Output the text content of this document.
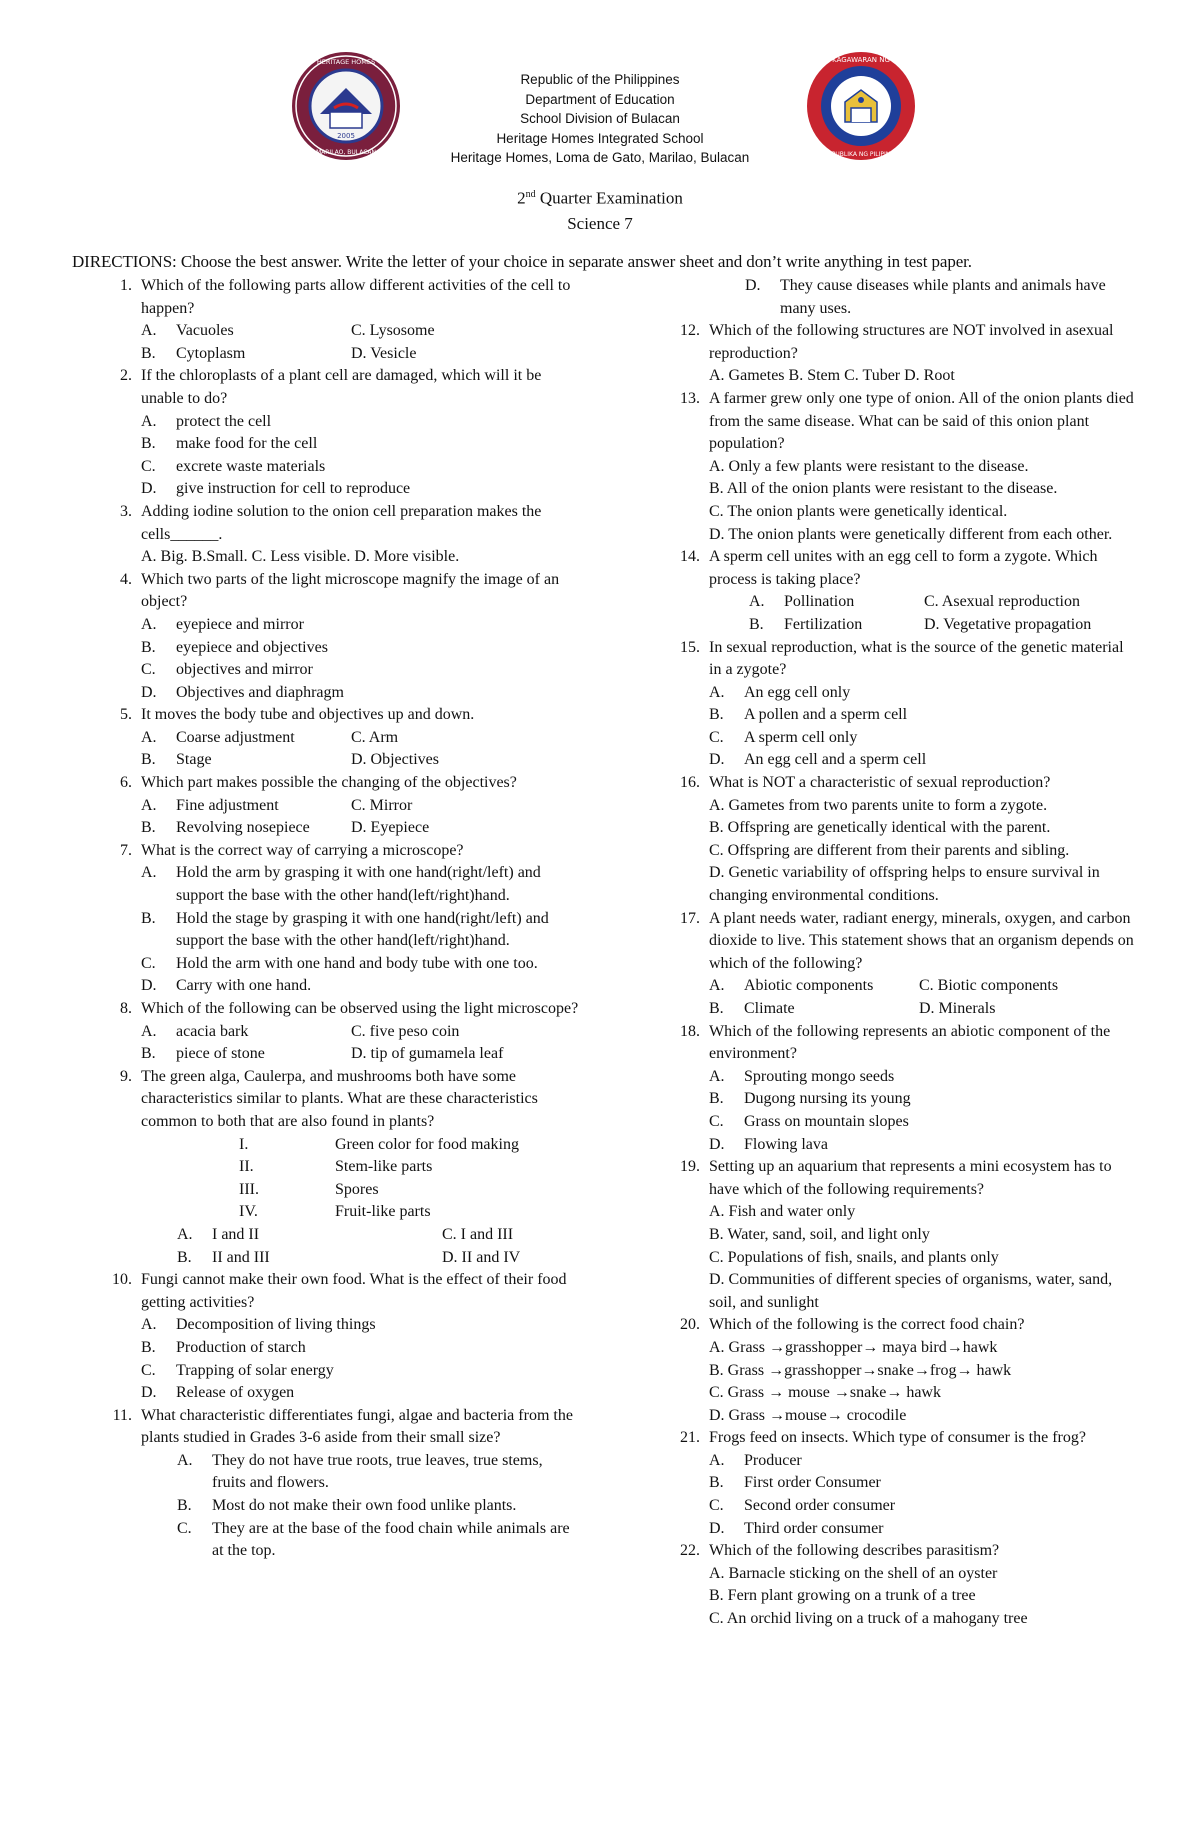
2005
HERITAGE HOMES
MARILAO, BULACAN
KAGAWARAN NG
REPUBLIKA NG PILIPINAS
Republic of the Philippines
Department of Education
School Division of Bulacan
Heritage Homes Integrated School
Heritage Homes, Loma de Gato, Marilao, Bulacan
2nd Quarter Examination
Science 7
DIRECTIONS: Choose the best answer. Write the letter of your choice in separate answer sheet and don’t write anything in test paper.
1. Which of the following parts allow different activities of the cell to happen?
A. Vacuoles	C. Lysosome
B. Cytoplasm	D. Vesicle
2. If the chloroplasts of a plant cell are damaged, which will it be unable to do?
A. protect the cell
B. make food for the cell
C. excrete waste materials
D. give instruction for cell to reproduce
3. Adding iodine solution to the onion cell preparation makes the cells______.
A. Big. B.Small. C. Less visible. D. More visible.
4. Which two parts of the light microscope magnify the image of an object?
A. eyepiece and mirror
B. eyepiece and objectives
C. objectives and mirror
D. Objectives and diaphragm
5. It moves the body tube and objectives up and down.
A. Coarse adjustment	C. Arm
B. Stage	D. Objectives
6. Which part makes possible the changing of the objectives?
A. Fine adjustment	C. Mirror
B. Revolving nosepiece	D. Eyepiece
7. What is the correct way of carrying a microscope?
A. Hold the arm by grasping it with one hand(right/left) and support the base with the other hand(left/right)hand.
B. Hold the stage by grasping it with one hand(right/left) and support the base with the other hand(left/right)hand.
C. Hold the arm with one hand and body tube with one too.
D. Carry with one hand.
8. Which of the following can be observed using the light microscope?
A. acacia bark	C. five peso coin
B. piece of stone	D. tip of gumamela leaf
9. The green alga, Caulerpa, and mushrooms both have some characteristics similar to plants. What are these characteristics common to both that are also found in plants?
I.	Green color for food making
II.	Stem-like parts
III.	Spores
IV.	Fruit-like parts
A. I and II	C. I and III
B. II and III	D. II and IV
10. Fungi cannot make their own food. What is the effect of their food getting activities?
A. Decomposition of living things
B. Production of starch
C. Trapping of solar energy
D. Release of oxygen
11. What characteristic differentiates fungi, algae and bacteria from the plants studied in Grades 3-6 aside from their small size?
A. They do not have true roots, true leaves, true stems, fruits and flowers.
B. Most do not make their own food unlike plants.
C. They are at the base of the food chain while animals are at the top.
D. They cause diseases while plants and animals have many uses.
12. Which of the following structures are NOT involved in asexual reproduction?
A. Gametes B. Stem C. Tuber D. Root
13. A farmer grew only one type of onion. All of the onion plants died from the same disease. What can be said of this onion plant population?
A. Only a few plants were resistant to the disease.
B. All of the onion plants were resistant to the disease.
C. The onion plants were genetically identical.
D. The onion plants were genetically different from each other.
14. A sperm cell unites with an egg cell to form a zygote. Which process is taking place?
A. Pollination	C. Asexual reproduction
B. Fertilization	D. Vegetative propagation
15. In sexual reproduction, what is the source of the genetic material in a zygote?
A. An egg cell only
B. A pollen and a sperm cell
C. A sperm cell only
D. An egg cell and a sperm cell
16. What is NOT a characteristic of sexual reproduction?
A. Gametes from two parents unite to form a zygote.
B. Offspring are genetically identical with the parent.
C. Offspring are different from their parents and sibling.
D. Genetic variability of offspring helps to ensure survival in changing environmental conditions.
17. A plant needs water, radiant energy, minerals, oxygen, and carbon dioxide to live. This statement shows that an organism depends on which of the following?
A. Abiotic components	C. Biotic components
B. Climate	D. Minerals
18. Which of the following represents an abiotic component of the environment?
A. Sprouting mongo seeds
B. Dugong nursing its young
C. Grass on mountain slopes
D. Flowing lava
19. Setting up an aquarium that represents a mini ecosystem has to have which of the following requirements?
A. Fish and water only
B. Water, sand, soil, and light only
C. Populations of fish, snails, and plants only
D. Communities of different species of organisms, water, sand, soil, and sunlight
20. Which of the following is the correct food chain?
A. Grass →grasshopper→ maya bird→hawk
B. Grass →grasshopper→snake→frog→ hawk
C. Grass → mouse →snake→ hawk
D. Grass →mouse→ crocodile
21. Frogs feed on insects. Which type of consumer is the frog?
A. Producer
B. First order Consumer
C. Second order consumer
D. Third order consumer
22. Which of the following describes parasitism?
A. Barnacle sticking on the shell of an oyster
B. Fern plant growing on a trunk of a tree
C. An orchid living on a truck of a mahogany tree
